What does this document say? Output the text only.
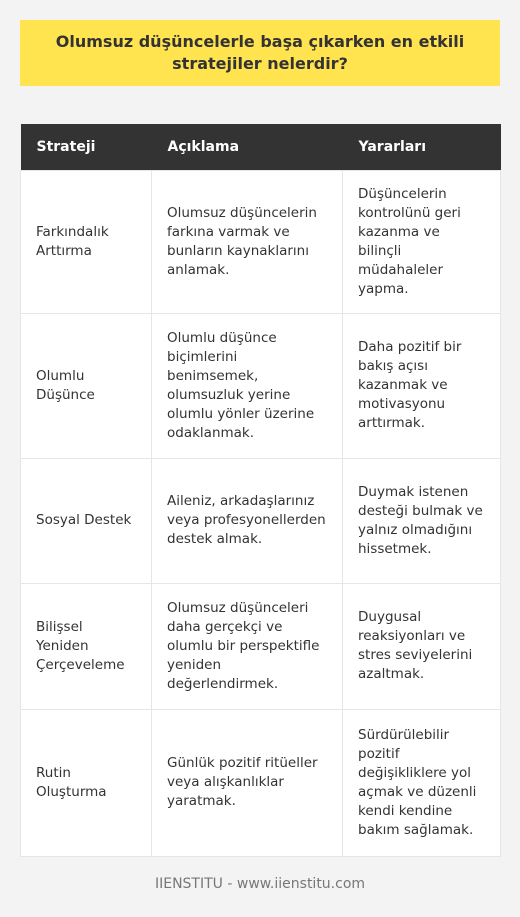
Olumsuz düşüncelerle başa çıkarken en etkili stratejiler nelerdir?
Strateji	Açıklama	Yararları
Farkındalık Arttırma	Olumsuz düşüncelerin farkına varmak ve bunların kaynaklarını anlamak.	Düşüncelerin kontrolünü geri kazanma ve bilinçli müdahaleler yapma.
Olumlu Düşünce	Olumlu düşünce biçimlerini benimsemek, olumsuzluk yerine olumlu yönler üzerine odaklanmak.	Daha pozitif bir bakış açısı kazanmak ve motivasyonu arttırmak.
Sosyal Destek	Aileniz, arkadaşlarınız veya profesyonellerden destek almak.	Duymak istenen desteği bulmak ve yalnız olmadığını hissetmek.
Bilişsel Yeniden Çerçeveleme	Olumsuz düşünceleri daha gerçekçi ve olumlu bir perspektifle yeniden değerlendirmek.	Duygusal reaksiyonları ve stres seviyelerini azaltmak.
Rutin Oluşturma	Günlük pozitif ritüeller veya alışkanlıklar yaratmak.	Sürdürülebilir pozitif değişikliklere yol açmak ve düzenli kendi kendine bakım sağlamak.
IIENSTITU - www.iienstitu.com
